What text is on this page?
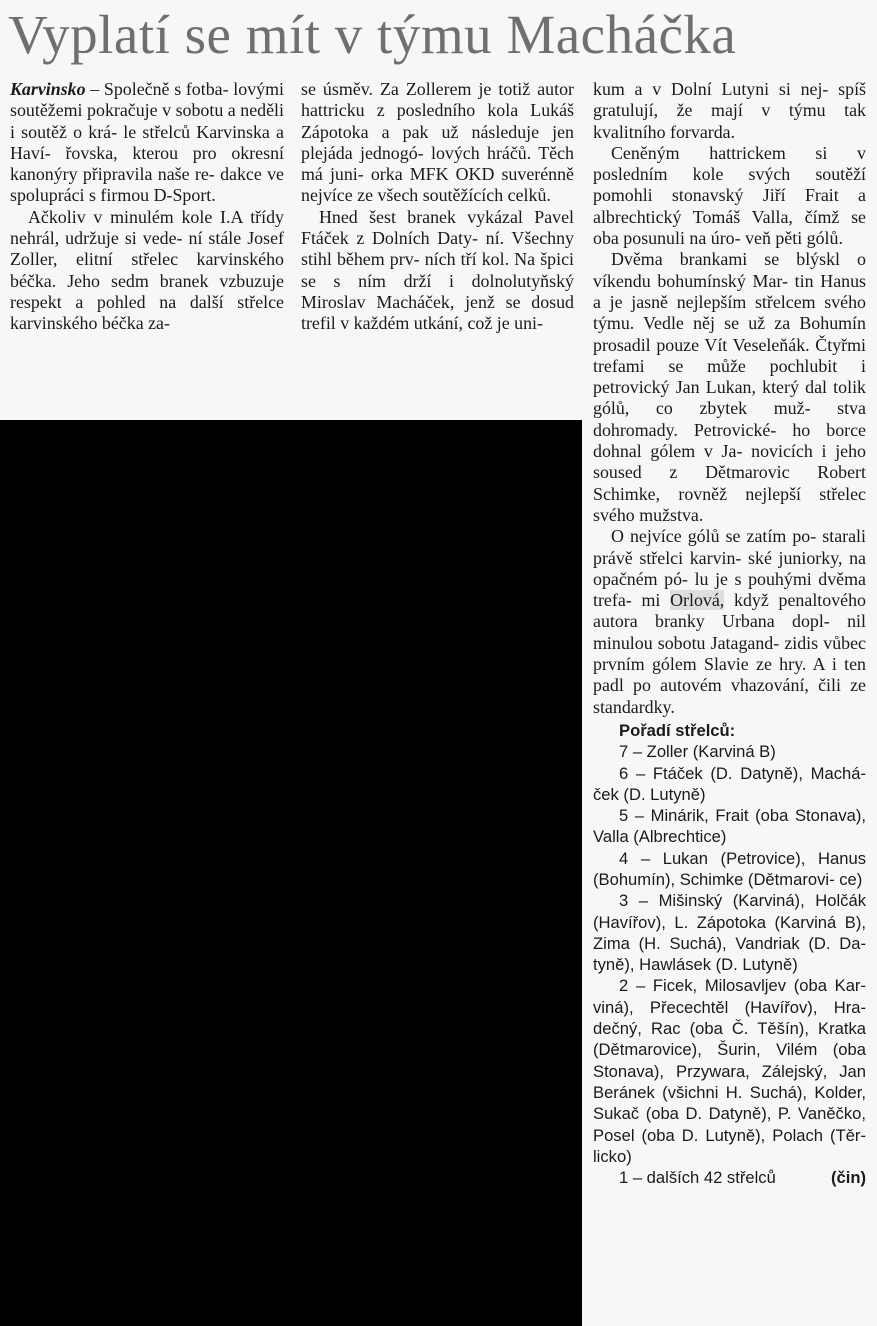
Vyplatí se mít v týmu Macháčka

Karvinsko – Společně s fotba- lovými soutěžemi pokračuje v sobotu a neděli i soutěž o krá- le střelců Karvinska a Haví- řovska, kterou pro okresní kanonýry připravila naše re- dakce ve spolupráci s firmou D-Sport.

Ačkoliv v minulém kole I.A třídy nehrál, udržuje si vede- ní stále Josef Zoller, elitní střelec karvinského béčka. Jeho sedm branek vzbuzuje respekt a pohled na další střelce karvinského béčka za-

se úsměv. Za Zollerem je totiž autor hattricku z posledního kola Lukáš Zápotoka a pak už následuje jen plejáda jednogó- lových hráčů. Těch má juni- orka MFK OKD suverénně nejvíce ze všech soutěžících celků.

Hned šest branek vykázal Pavel Ftáček z Dolních Daty- ní. Všechny stihl během prv- ních tří kol. Na špici se s ním drží i dolnolutyňský Miroslav Macháček, jenž se dosud trefil v každém utkání, což je uni-

kum a v Dolní Lutyni si nej- spíš gratulují, že mají v týmu tak kvalitního forvarda.

Ceněným hattrickem si v posledním kole svých soutěží pomohli stonavský Jiří Frait a albrechtický Tomáš Valla, čímž se oba posunuli na úro- veň pěti gólů.

Dvěma brankami se blýskl o víkendu bohumínský Mar- tin Hanus a je jasně nejlepším střelcem svého týmu. Vedle něj se už za Bohumín prosadil pouze Vít Veseleňák. Čtyřmi trefami se může pochlubit i petrovický Jan Lukan, který dal tolik gólů, co zbytek muž- stva dohromady. Petrovické- ho borce dohnal gólem v Ja- novicích i jeho soused z Dětmarovic Robert Schimke, rovněž nejlepší střelec svého mužstva.

O nejvíce gólů se zatím po- starali právě střelci karvin- ské juniorky, na opačném pó- lu je s pouhými dvěma trefa- mi Orlová, když penaltového autora branky Urbana dopl- nil minulou sobotu Jatagand- zidis vůbec prvním gólem Slavie ze hry. A i ten padl po autovém vhazování, čili ze standardky.

Pořadí střelců:

7 – Zoller (Karviná B)

6 – Ftáček (D. Datyně), Machá- ček (D. Lutyně)

5 – Minárik, Frait (oba Stonava), Valla (Albrechtice)

4 – Lukan (Petrovice), Hanus (Bohumín), Schimke (Dětmarovi- ce)

3 – Mišinský (Karviná), Holčák (Havířov), L. Zápotoka (Karviná B), Zima (H. Suchá), Vandriak (D. Da- tyně), Hawlásek (D. Lutyně)

2 – Ficek, Milosavljev (oba Kar- viná), Přecechtěl (Havířov), Hra- dečný, Rac (oba Č. Těšín), Kratka (Dětmarovice), Šurin, Vilém (oba Stonava), Przywara, Zálejský, Jan Beránek (všichni H. Suchá), Kolder, Sukač (oba D. Datyně), P. Vaněčko, Posel (oba D. Lutyně), Polach (Těr- licko)

1 – dalších 42 střelců	(čin)
